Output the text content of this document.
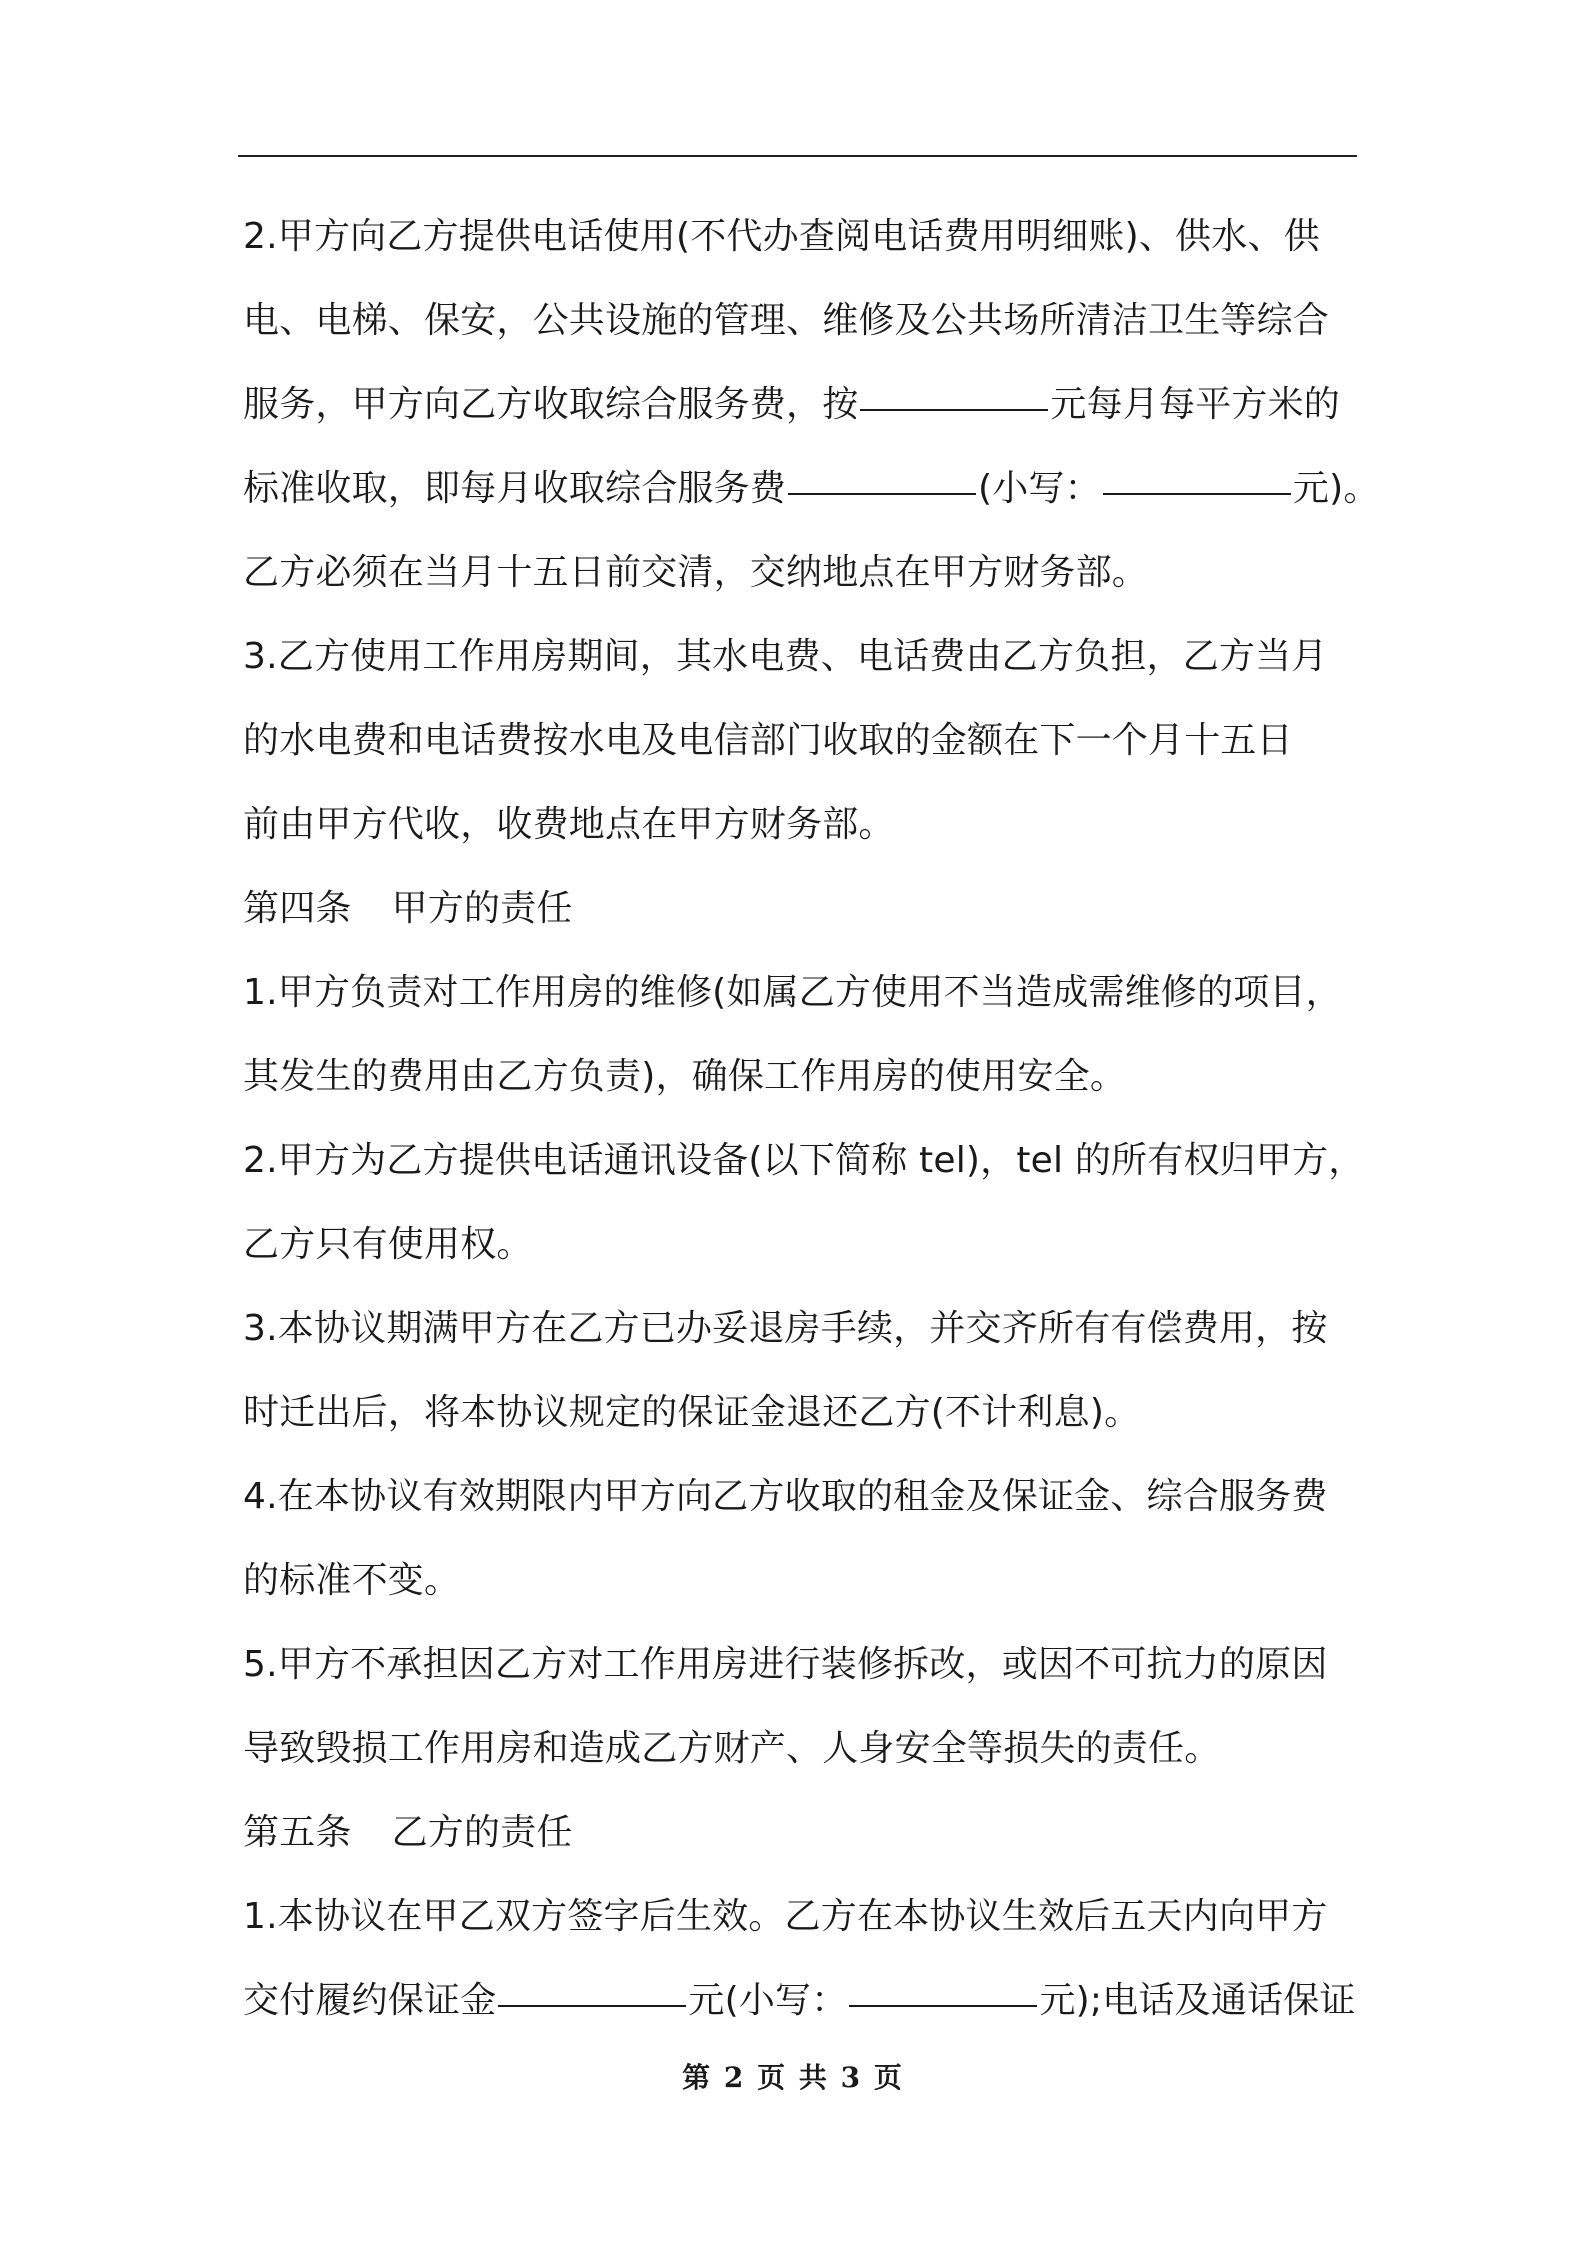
2.甲方向乙方提供电话使用(不代办查阅电话费用明细账)、供水、供
电、电梯、保安，公共设施的管理、维修及公共场所清洁卫生等综合
服务，甲方向乙方收取综合服务费，按	元每月每平方米的
标准收取，即每月收取综合服务费	(小写：	元)。
乙方必须在当月十五日前交清，交纳地点在甲方财务部。
3.乙方使用工作用房期间，其水电费、电话费由乙方负担，乙方当月
的水电费和电话费按水电及电信部门收取的金额在下一个月十五日
前由甲方代收，收费地点在甲方财务部。
第四条 甲方的责任
1.甲方负责对工作用房的维修(如属乙方使用不当造成需维修的项目，
其发生的费用由乙方负责)，确保工作用房的使用安全。
2.甲方为乙方提供电话通讯设备(以下简称 tel)，tel 的所有权归甲方，
乙方只有使用权。
3.本协议期满甲方在乙方已办妥退房手续，并交齐所有有偿费用，按
时迁出后，将本协议规定的保证金退还乙方(不计利息)。
4.在本协议有效期限内甲方向乙方收取的租金及保证金、综合服务费
的标准不变。
5.甲方不承担因乙方对工作用房进行装修拆改，或因不可抗力的原因
导致毁损工作用房和造成乙方财产、人身安全等损失的责任。
第五条 乙方的责任
1.本协议在甲乙双方签字后生效。乙方在本协议生效后五天内向甲方
交付履约保证金	元(小写：	元);电话及通话保证
第 2 页 共 3 页
